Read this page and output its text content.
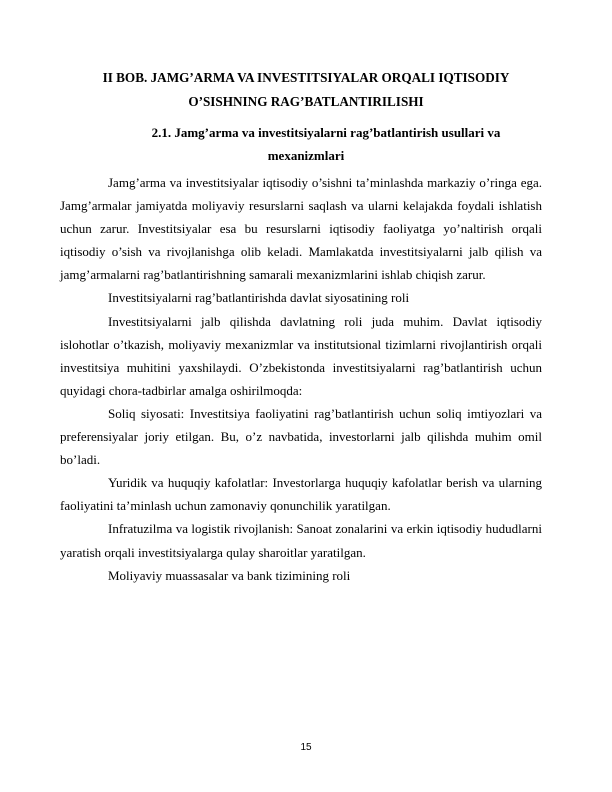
II BOB. JAMG’ARMA VA INVESTITSIYALAR ORQALI IQTISODIY
O’SISHNING RAG’BATLANTIRILISHI
2.1. Jamg’arma va investitsiyalarni rag’batlantirish usullari va
mexanizmlari

Jamg’arma va investitsiyalar iqtisodiy o’sishni ta’minlashda markaziy o’ringa ega. Jamg’armalar jamiyatda moliyaviy resurslarni saqlash va ularni kelajakda foydali ishlatish uchun zarur. Investitsiyalar esa bu resurslarni iqtisodiy faoliyatga yo’naltirish orqali iqtisodiy o’sish va rivojlanishga olib keladi. Mamlakatda investitsiyalarni jalb qilish va jamg’armalarni rag’batlantirishning samarali mexanizmlarini ishlab chiqish zarur.

Investitsiyalarni rag’batlantirishda davlat siyosatining roli

Investitsiyalarni jalb qilishda davlatning roli juda muhim. Davlat iqtisodiy islohotlar o’tkazish, moliyaviy mexanizmlar va institutsional tizimlarni rivojlantirish orqali investitsiya muhitini yaxshilaydi. O’zbekistonda investitsiyalarni rag’batlantirish uchun quyidagi chora-tadbirlar amalga oshirilmoqda:

Soliq siyosati: Investitsiya faoliyatini rag’batlantirish uchun soliq imtiyozlari va preferensiyalar joriy etilgan. Bu, o’z navbatida, investorlarni jalb qilishda muhim omil bo’ladi.

Yuridik va huquqiy kafolatlar: Investorlarga huquqiy kafolatlar berish va ularning faoliyatini ta’minlash uchun zamonaviy qonunchilik yaratilgan.

Infratuzilma va logistik rivojlanish: Sanoat zonalarini va erkin iqtisodiy hududlarni yaratish orqali investitsiyalarga qulay sharoitlar yaratilgan.

Moliyaviy muassasalar va bank tizimining roli

15
